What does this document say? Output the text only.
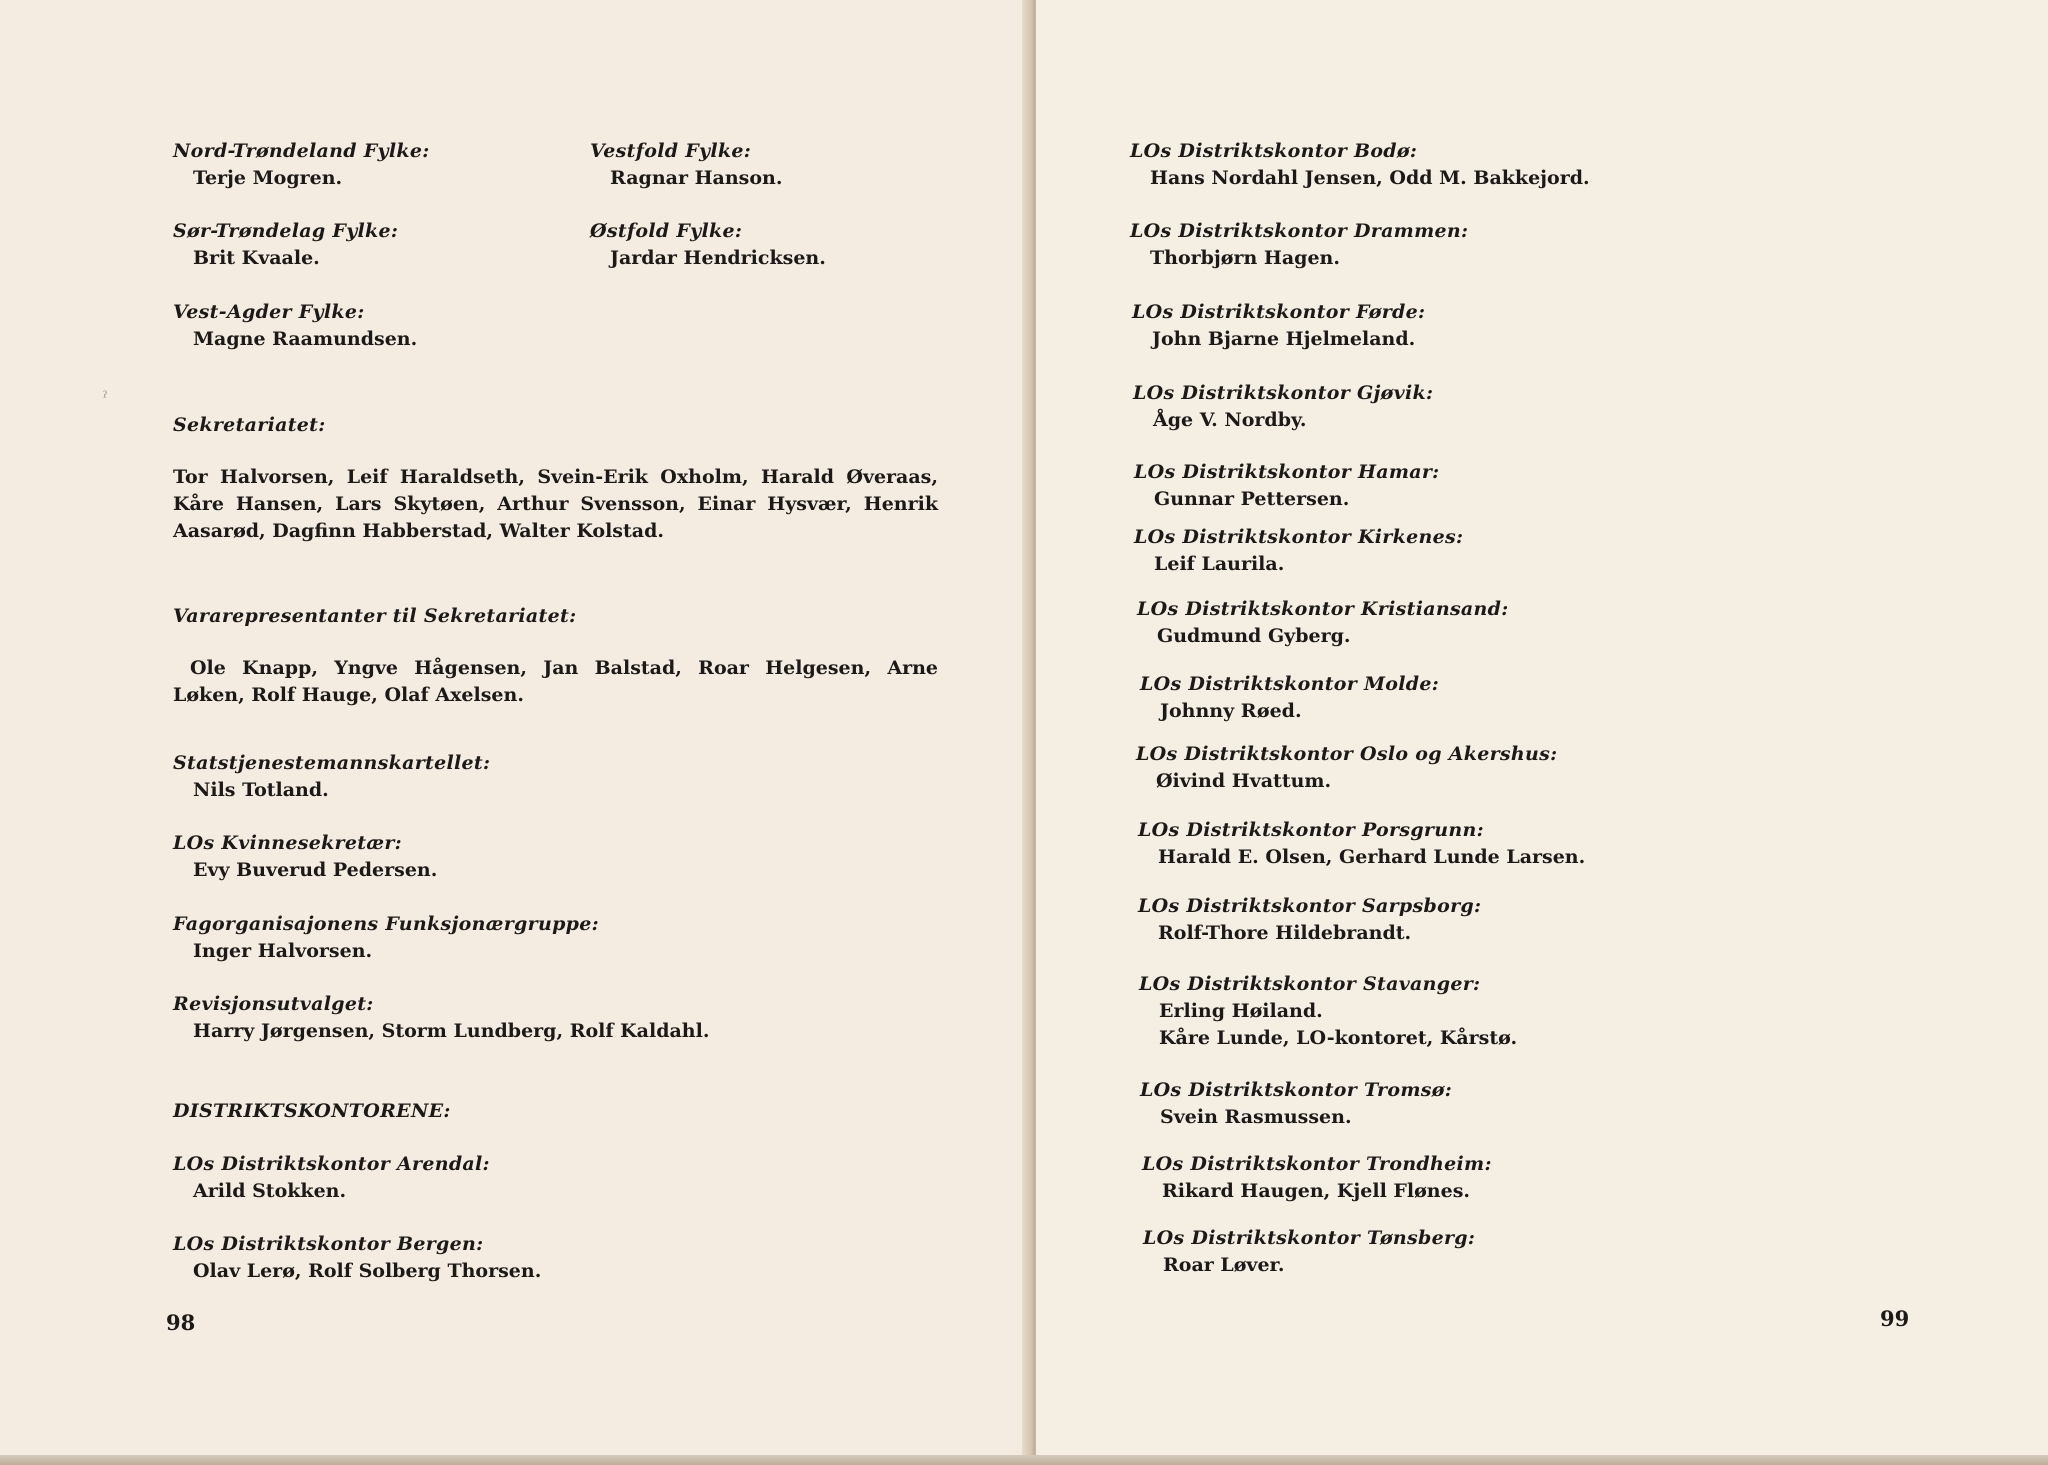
Nord-Trøndeland Fylke:
Terje Mogren.
Vestfold Fylke:
Ragnar Hanson.
Sør-Trøndelag Fylke:
Brit Kvaale.
Østfold Fylke:
Jardar Hendricksen.
Vest-Agder Fylke:
Magne Raamundsen.
ˀ
Sekretariatet:
Tor Halvorsen, Leif Haraldseth, Svein-Erik Oxholm, Harald Øveraas, Kåre Hansen, Lars Skytøen, Arthur Svensson, Einar Hysvær, Henrik Aasarød, Dagfinn Habberstad, Walter Kolstad.
Vararepresentanter til Sekretariatet:
Ole Knapp, Yngve Hågensen, Jan Balstad, Roar Helgesen, Arne Løken, Rolf Hauge, Olaf Axelsen.
Statstjenestemannskartellet:
Nils Totland.
LOs Kvinnesekretær:
Evy Buverud Pedersen.
Fagorganisajonens Funksjonærgruppe:
Inger Halvorsen.
Revisjonsutvalget:
Harry Jørgensen, Storm Lundberg, Rolf Kaldahl.
DISTRIKTSKONTORENE:
LOs Distriktskontor Arendal:
Arild Stokken.
LOs Distriktskontor Bergen:
Olav Lerø, Rolf Solberg Thorsen.
98
LOs Distriktskontor Bodø:
Hans Nordahl Jensen, Odd M. Bakkejord.
LOs Distriktskontor Drammen:
Thorbjørn Hagen.
LOs Distriktskontor Førde:
John Bjarne Hjelmeland.
LOs Distriktskontor Gjøvik:
Åge V. Nordby.
LOs Distriktskontor Hamar:
Gunnar Pettersen.
LOs Distriktskontor Kirkenes:
Leif Laurila.
LOs Distriktskontor Kristiansand:
Gudmund Gyberg.
LOs Distriktskontor Molde:
Johnny Røed.
LOs Distriktskontor Oslo og Akershus:
Øivind Hvattum.
LOs Distriktskontor Porsgrunn:
Harald E. Olsen, Gerhard Lunde Larsen.
LOs Distriktskontor Sarpsborg:
Rolf-Thore Hildebrandt.
LOs Distriktskontor Stavanger:
Erling Høiland.
Kåre Lunde, LO-kontoret, Kårstø.
LOs Distriktskontor Tromsø:
Svein Rasmussen.
LOs Distriktskontor Trondheim:
Rikard Haugen, Kjell Flønes.
LOs Distriktskontor Tønsberg:
Roar Løver.
99
